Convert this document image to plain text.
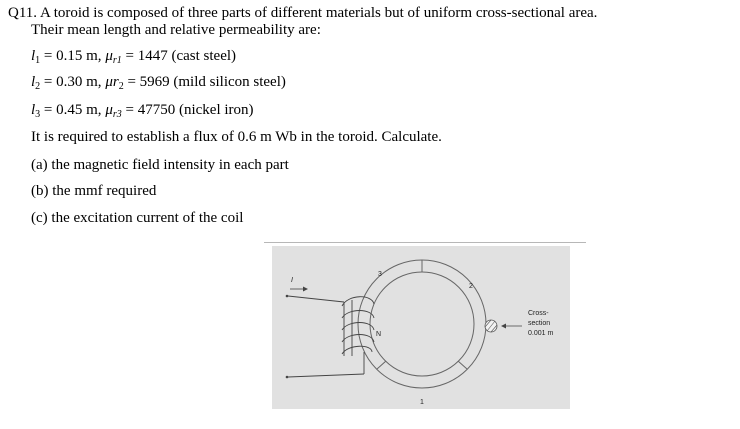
Q11. A toroid is composed of three parts of different materials but of uniform cross-sectional area.
Their mean length and relative permeability are:
$l_1 = 0.15$ m, $\mu_{r1} = 1447$ (cast steel)
$l_2 = 0.30$ m, $\mu r_2 = 5969$ (mild silicon steel)
$l_3 = 0.45$ m, $\mu_{r3} = 47750$ (nickel iron)
It is required to establish a flux of 0.6 m Wb in the toroid. Calculate.
(a) the magnetic field intensity in each part
(b) the mmf required
(c) the excitation current of the coil
I
N
1
2
3
Cross-
section
0.001 m
